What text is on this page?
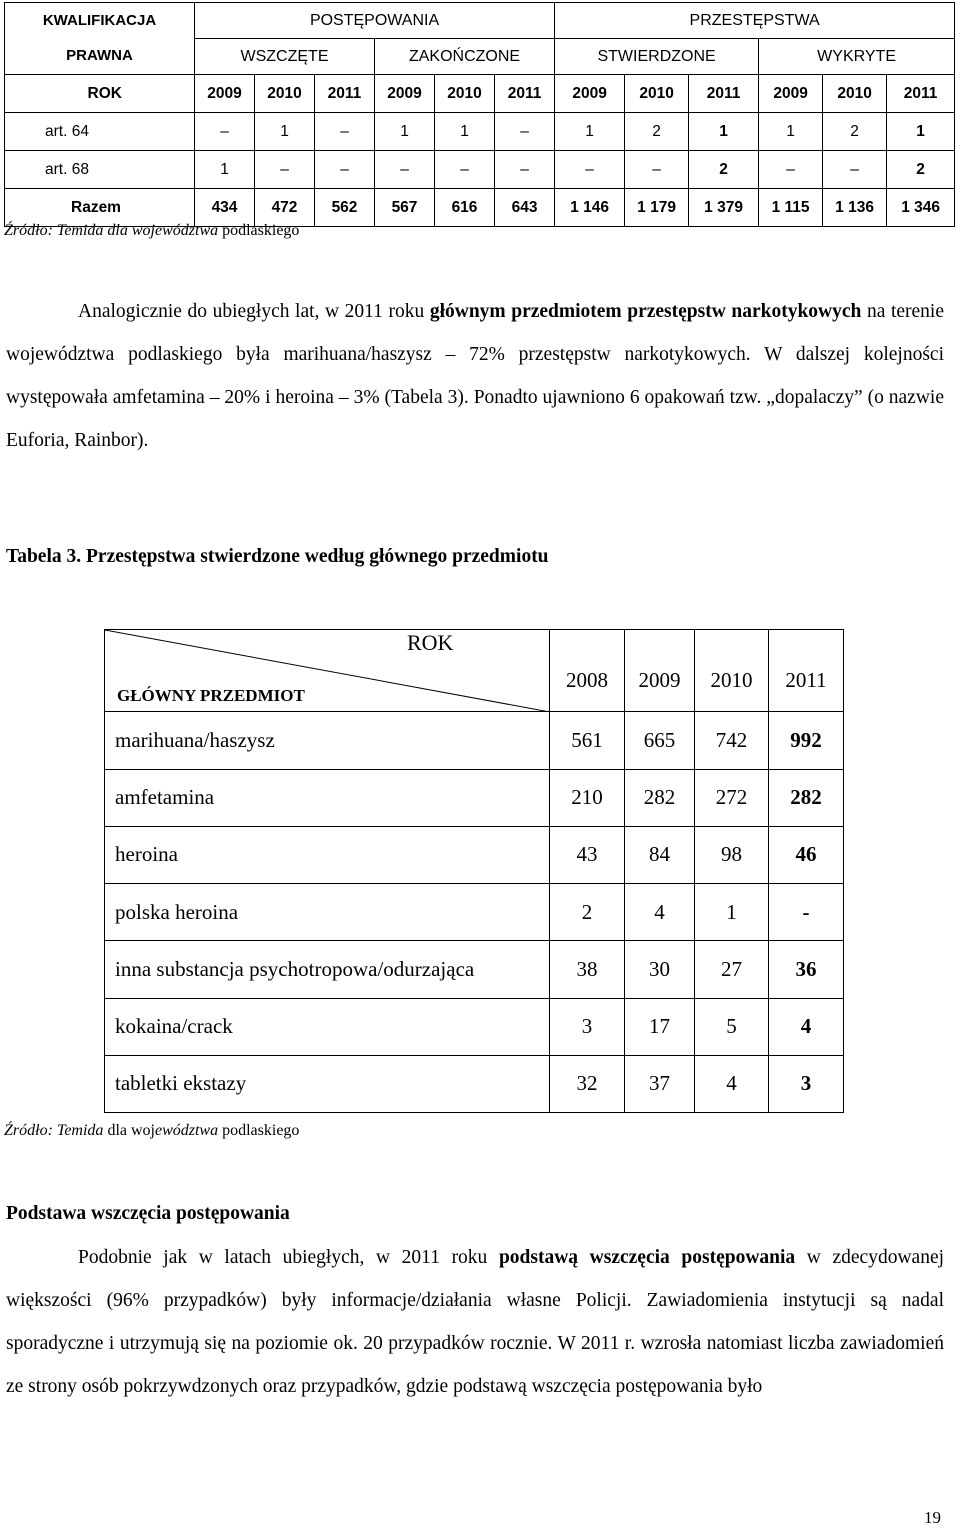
KWALIFIKACJA	POSTĘPOWANIA						PRZESTĘPSTWA					
PRAWNA	WSZCZĘTE			ZAKOŃCZONE			STWIERDZONE			WYKRYTE		
ROK	2009	2010	2011	2009	2010	2011	2009	2010	2011	2009	2010	2011
art. 64	–	1	–	1	1	–	1	2	1	1	2	1
art. 68	1	–	–	–	–	–	–	–	2	–	–	2
Razem	434	472	562	567	616	643	1 146	1 179	1 379	1 115	1 136	1 346
Źródło: Temida dla województwa podlaskiego
Analogicznie do ubiegłych lat, w 2011 roku głównym przedmiotem przestępstw narkotykowych na terenie województwa podlaskiego była marihuana/haszysz – 72% przestępstw narkotykowych. W dalszej kolejności występowała amfetamina – 20% i heroina – 3% (Tabela 3). Ponadto ujawniono 6 opakowań tzw. „dopalaczy” (o nazwie Euforia, Rainbor).
Tabela 3. Przestępstwa stwierdzone według głównego przedmiotu
ROK
GŁÓWNY PRZEDMIOT	2008	2009	2010	2011
marihuana/haszysz	561	665	742	992
amfetamina	210	282	272	282
heroina	43	84	98	46
polska heroina	2	4	1	-
inna substancja psychotropowa/odurzająca	38	30	27	36
kokaina/crack	3	17	5	4
tabletki ekstazy	32	37	4	3
Źródło: Temida dla województwa podlaskiego
Podstawa wszczęcia postępowania
Podobnie jak w latach ubiegłych, w 2011 roku podstawą wszczęcia postępowania w zdecydowanej większości (96% przypadków) były informacje/działania własne Policji. Zawiadomienia instytucji są nadal sporadyczne i utrzymują się na poziomie ok. 20 przypadków rocznie. W 2011 r. wzrosła natomiast liczba zawiadomień ze strony osób pokrzywdzonych oraz przypadków, gdzie podstawą wszczęcia postępowania było
19
